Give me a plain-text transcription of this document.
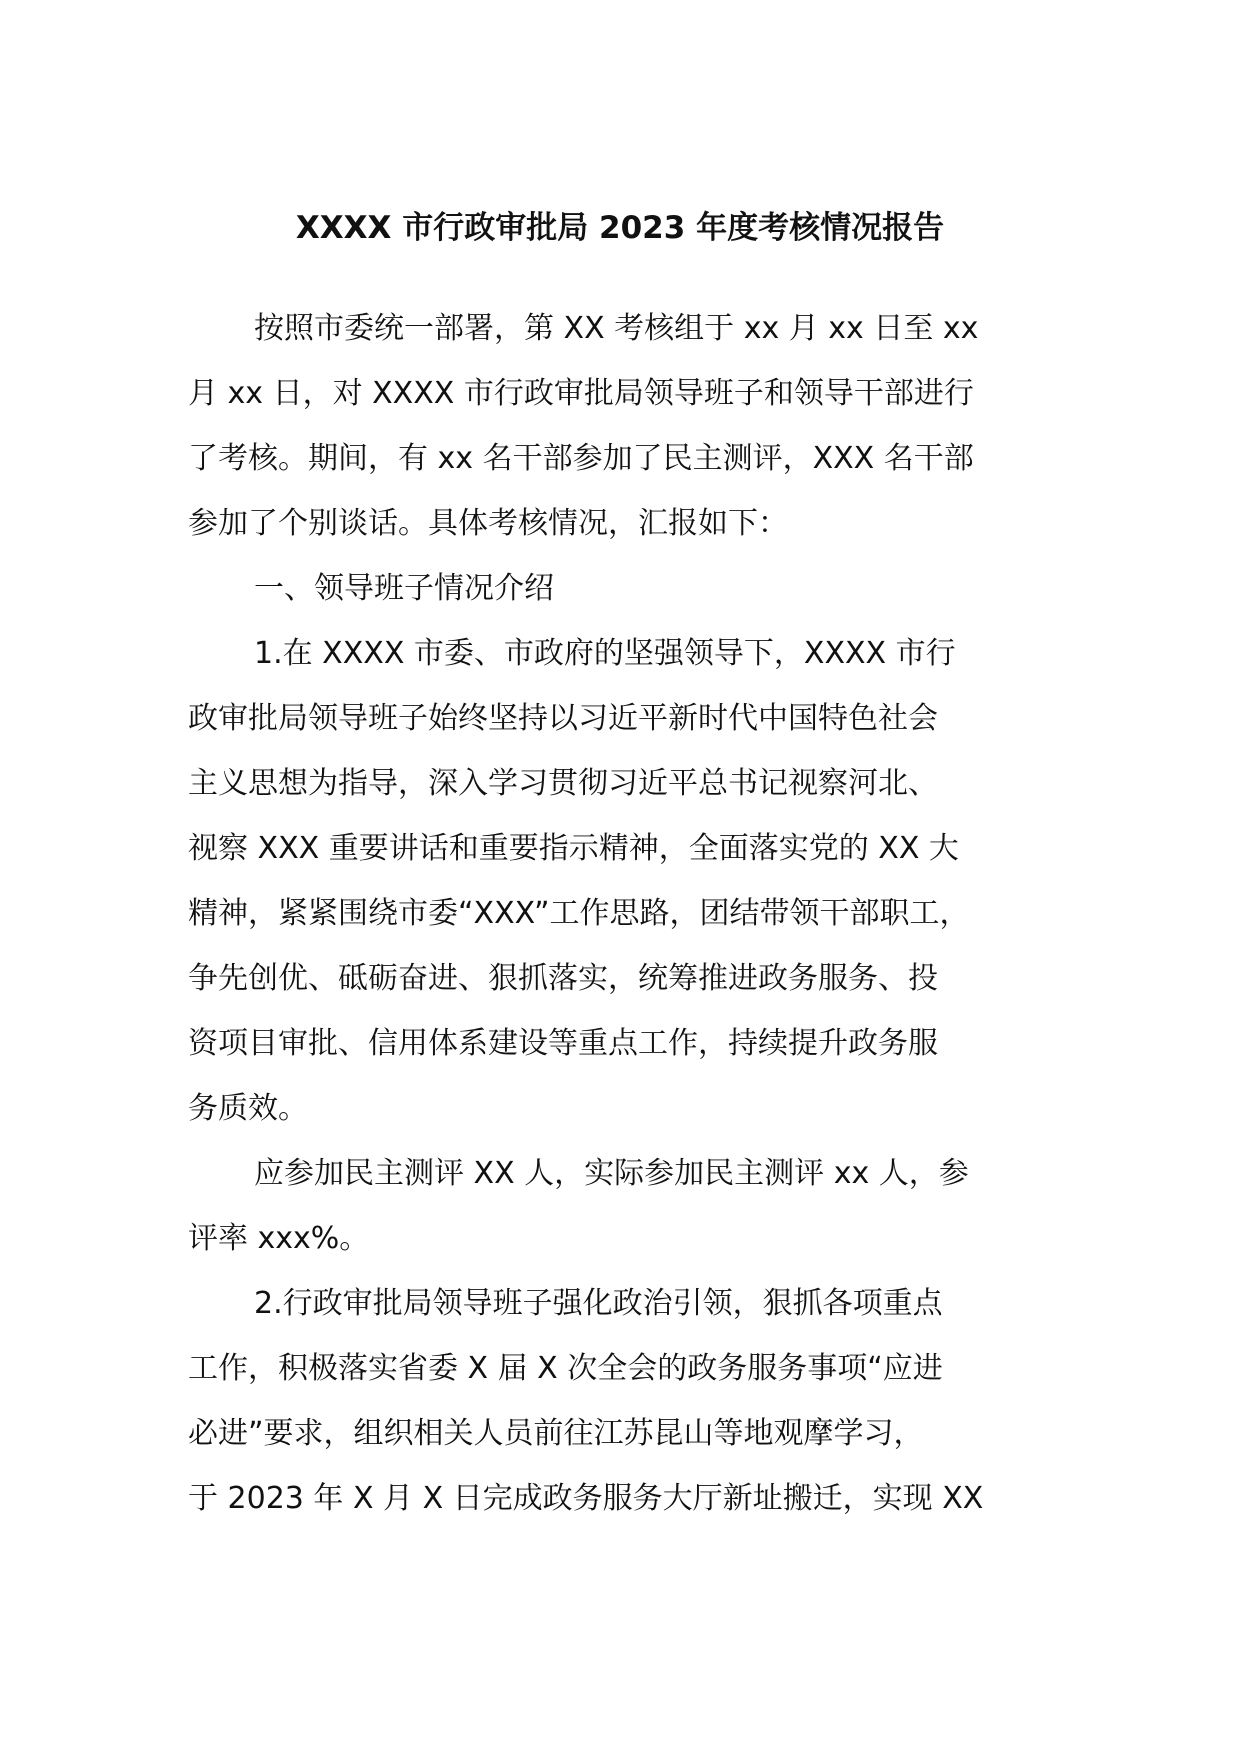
XXXX 市行政审批局 2023 年度考核情况报告
按照市委统一部署，第 XX 考核组于 xx 月 xx 日至 xx
月 xx 日，对 XXXX 市行政审批局领导班子和领导干部进行
了考核。期间，有 xx 名干部参加了民主测评，XXX 名干部
参加了个别谈话。具体考核情况，汇报如下：
一、领导班子情况介绍
1.在 XXXX 市委、市政府的坚强领导下，XXXX 市行
政审批局领导班子始终坚持以习近平新时代中国特色社会
主义思想为指导，深入学习贯彻习近平总书记视察河北、
视察 XXX 重要讲话和重要指示精神，全面落实党的 XX 大
精神，紧紧围绕市委“XXX”工作思路，团结带领干部职工，
争先创优、砥砺奋进、狠抓落实，统筹推进政务服务、投
资项目审批、信用体系建设等重点工作，持续提升政务服
务质效。
应参加民主测评 XX 人，实际参加民主测评 xx 人，参
评率 xxx%。
2.行政审批局领导班子强化政治引领，狠抓各项重点
工作，积极落实省委 X 届 X 次全会的政务服务事项“应进
必进”要求，组织相关人员前往江苏昆山等地观摩学习，
于 2023 年 X 月 X 日完成政务服务大厅新址搬迁，实现 XX
